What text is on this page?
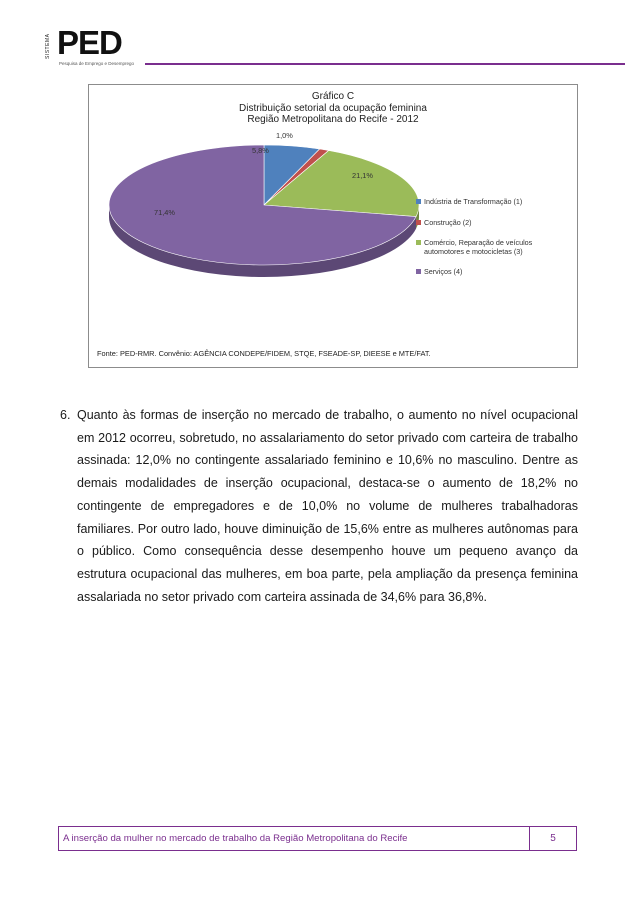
SISTEMA PED
Pesquisa de Emprego e Desemprego
Gráfico C
Distribuição setorial da ocupação feminina
Região Metropolitana do Recife - 2012
5,8%
1,0%
21,1%
71,4%
Indústria de Transformação (1)
Construção (2)
Comércio, Reparação de veículos
automotores e motocicletas (3)
Serviços (4)
Fonte: PED-RMR. Convênio: AGÊNCIA CONDEPE/FIDEM, STQE, FSEADE-SP, DIEESE e MTE/FAT.
6. Quanto às formas de inserção no mercado de trabalho, o aumento no nível ocupacional em 2012 ocorreu, sobretudo, no assalariamento do setor privado com carteira de trabalho assinada: 12,0% no contingente assalariado feminino e 10,6% no masculino. Dentre as demais modalidades de inserção ocupacional, destaca-se o aumento de 18,2% no contingente de empregadores e de 10,0% no volume de mulheres trabalhadoras familiares. Por outro lado, houve diminuição de 15,6% entre as mulheres autônomas para o público. Como consequência desse desempenho houve um pequeno avanço da estrutura ocupacional das mulheres, em boa parte, pela ampliação da presença feminina assalariada no setor privado com carteira assinada de 34,6% para 36,8%.
A inserção da mulher no mercado de trabalho da Região Metropolitana do Recife	5
